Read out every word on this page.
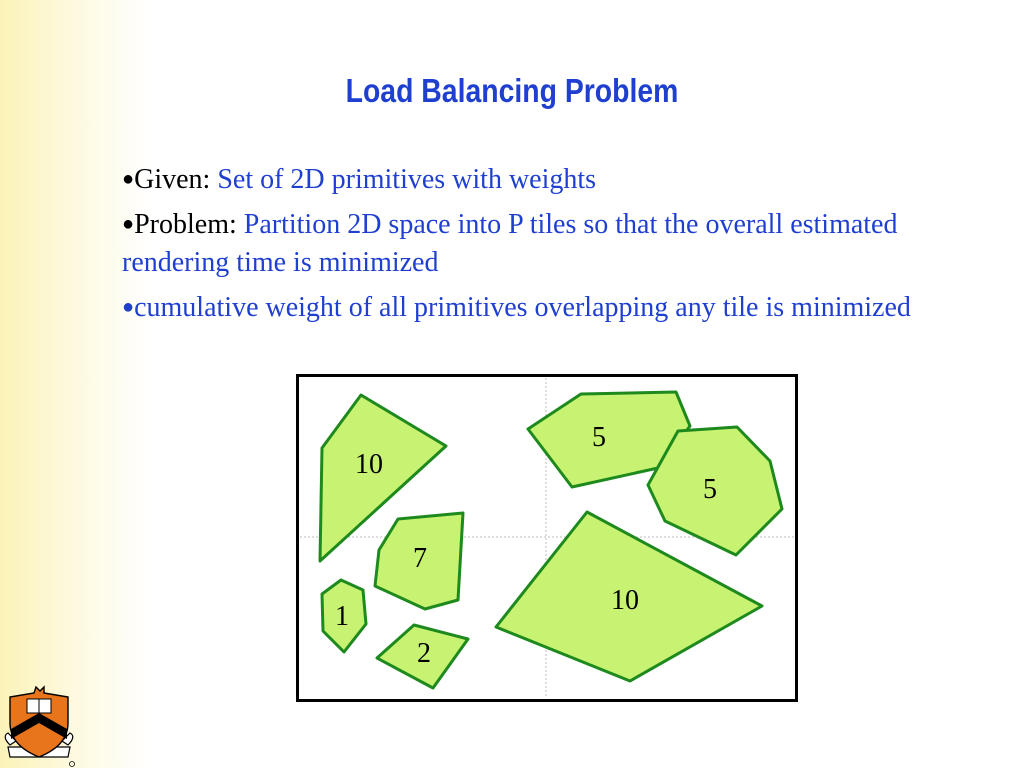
Load Balancing Problem
●Given: Set of 2D primitives with weights
●Problem: Partition 2D space into P tiles so that the overall estimated rendering time is minimized
●cumulative weight of all primitives overlapping any tile is minimized
10
5
5
7
1
2
10
